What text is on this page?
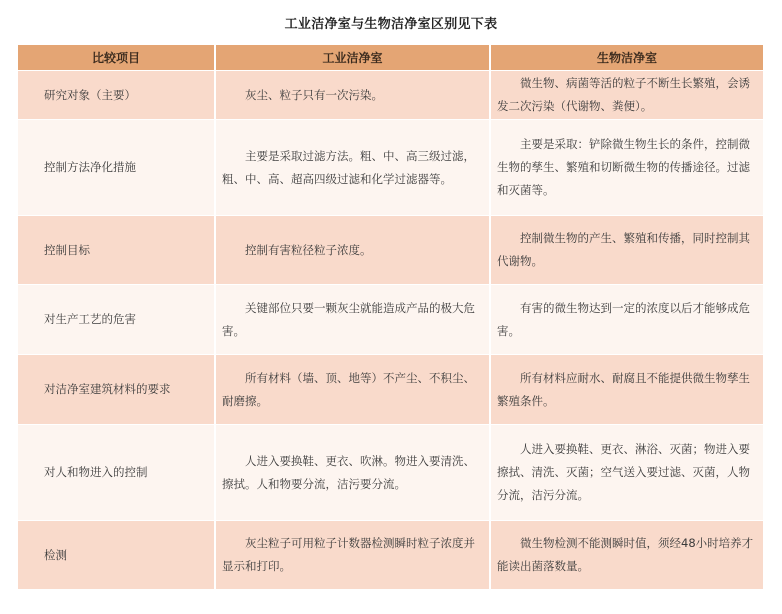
工业洁净室与生物洁净室区别见下表
比较项目	工业洁净室	生物洁净室
研究对象（主要）	灰尘、粒子只有一次污染。	微生物、病菌等活的粒子不断生长繁殖，会诱发二次污染（代谢物、粪便）。
控制方法净化措施	主要是采取过滤方法。粗、中、高三级过滤，粗、中、高、超高四级过滤和化学过滤器等。	主要是采取：铲除微生物生长的条件，控制微生物的孳生、繁殖和切断微生物的传播途径。过滤和灭菌等。
控制目标	控制有害粒径粒子浓度。	控制微生物的产生、繁殖和传播，同时控制其代谢物。
对生产工艺的危害	关键部位只要一颗灰尘就能造成产品的极大危害。	有害的微生物达到一定的浓度以后才能够成危害。
对洁净室建筑材料的要求	所有材料（墙、顶、地等）不产尘、不积尘、耐磨擦。	所有材料应耐水、耐腐且不能提供微生物孳生繁殖条件。
对人和物进入的控制	人进入要换鞋、更衣、吹淋。物进入要清洗、擦拭。人和物要分流，洁污要分流。	人进入要换鞋、更衣、淋浴、灭菌；物进入要擦拭、清洗、灭菌；空气送入要过滤、灭菌，人物分流，洁污分流。
检测	灰尘粒子可用粒子计数器检测瞬时粒子浓度并显示和打印。	微生物检测不能测瞬时值，须经48小时培养才能读出菌落数量。
